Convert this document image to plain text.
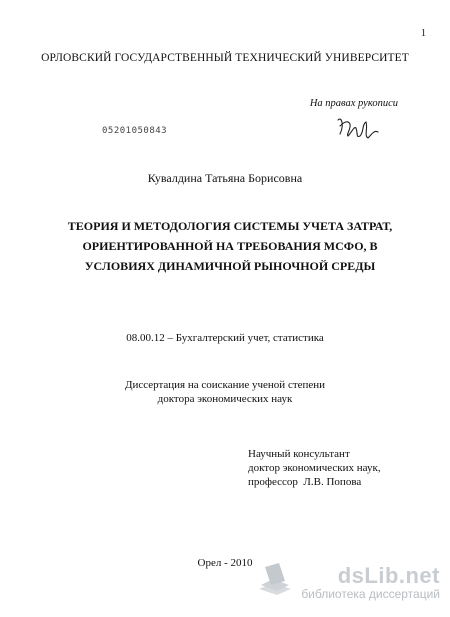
1
ОРЛОВСКИЙ ГОСУДАРСТВЕННЫЙ ТЕХНИЧЕСКИЙ УНИВЕРСИТЕТ
На правах рукописи
05201050843
Кувалдина Татьяна Борисовна
ТЕОРИЯ И МЕТОДОЛОГИЯ СИСТЕМЫ УЧЕТА ЗАТРАТ,
ОРИЕНТИРОВАННОЙ НА ТРЕБОВАНИЯ МСФО, В
УСЛОВИЯХ ДИНАМИЧНОЙ РЫНОЧНОЙ СРЕДЫ
08.00.12 – Бухгалтерский учет, статистика
Диссертация на соискание ученой степени
доктора экономических наук
Научный консультант
доктор экономических наук,
профессор  Л.В. Попова
Орел - 2010	dsLib.net
библиотека диссертаций
